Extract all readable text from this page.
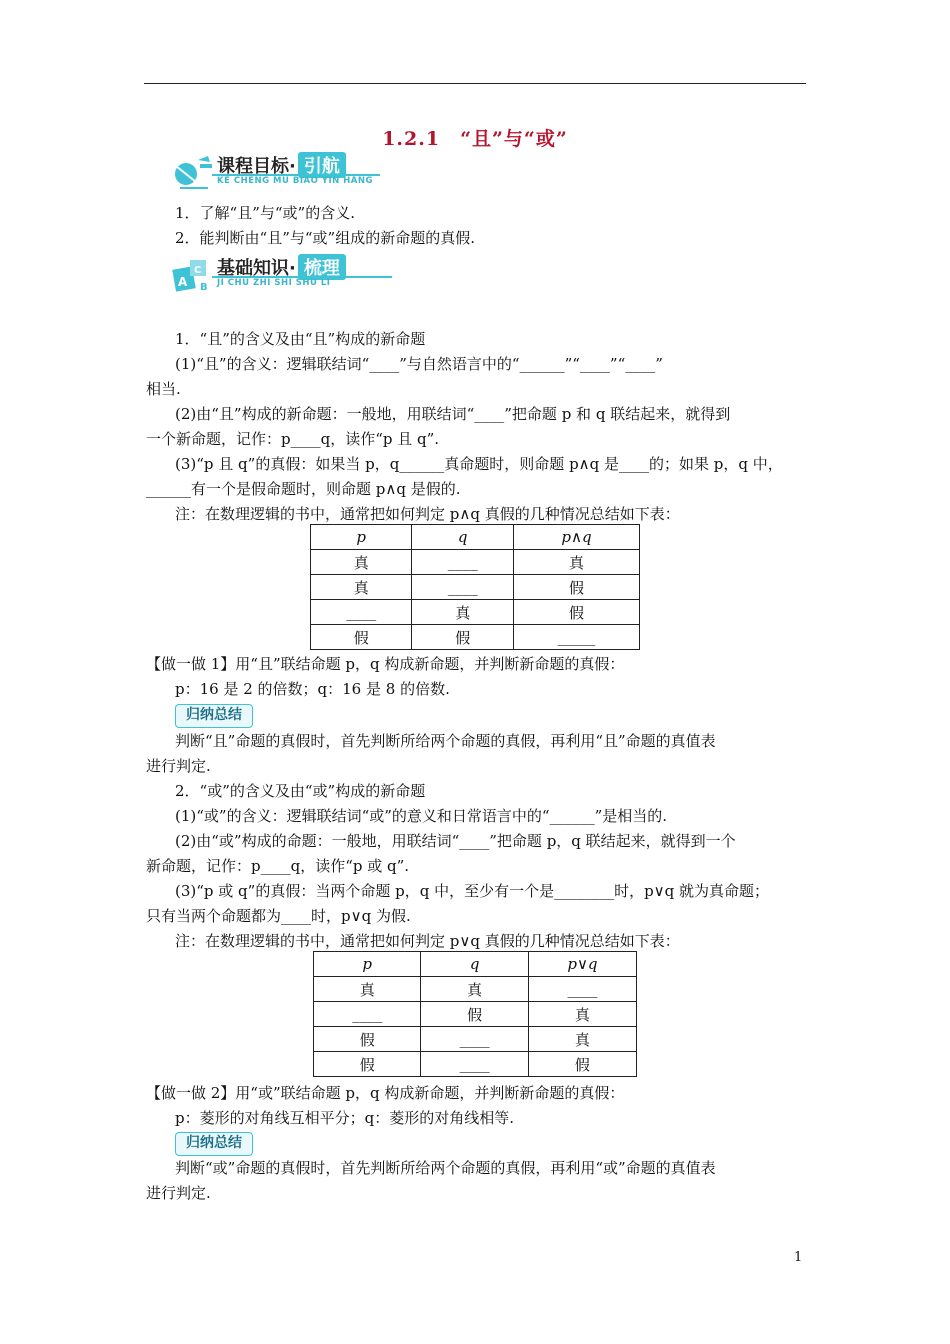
1.2.1　“且”与“或”
课程目标· 引航
KE CHENG MU BIAO YIN HANG
1．了解“且”与“或”的含义.
2．能判断由“且”与“或”组成的新命题的真假.
A
C
B
基础知识· 梳理
JI CHU ZHI SHI SHU LI
1．“且”的含义及由“且”构成的新命题
(1)“且”的含义：逻辑联结词“____”与自然语言中的“______”“____”“____”
相当.
(2)由“且”构成的新命题：一般地，用联结词“____”把命题 p 和 q 联结起来，就得到
一个新命题，记作：p____q，读作“p 且 q”.
(3)“p 且 q”的真假：如果当 p，q______真命题时，则命题 p∧q 是____的；如果 p，q 中，
______有一个是假命题时，则命题 p∧q 是假的.
注：在数理逻辑的书中，通常把如何判定 p∧q 真假的几种情况总结如下表：
p	q	p∧q
真	____	真
真	____	假
____	真	假
假	假	_____
【做一做 1】用“且”联结命题 p，q 构成新命题，并判断新命题的真假：
p：16 是 2 的倍数；q：16 是 8 的倍数.
归纳总结
判断“且”命题的真假时，首先判断所给两个命题的真假，再利用“且”命题的真值表
进行判定.
2．“或”的含义及由“或”构成的新命题
(1)“或”的含义：逻辑联结词“或”的意义和日常语言中的“______”是相当的.
(2)由“或”构成的命题：一般地，用联结词“____”把命题 p，q 联结起来，就得到一个
新命题，记作：p____q，读作“p 或 q”.
(3)“p 或 q”的真假：当两个命题 p，q 中，至少有一个是________时，p∨q 就为真命题；
只有当两个命题都为____时，p∨q 为假.
注：在数理逻辑的书中，通常把如何判定 p∨q 真假的几种情况总结如下表：
p	q	p∨q
真	真	____
____	假	真
假	____	真
假	____	假
【做一做 2】用“或”联结命题 p，q 构成新命题，并判断新命题的真假：
p：菱形的对角线互相平分；q：菱形的对角线相等.
归纳总结
判断“或”命题的真假时，首先判断所给两个命题的真假，再利用“或”命题的真值表
进行判定.
1
